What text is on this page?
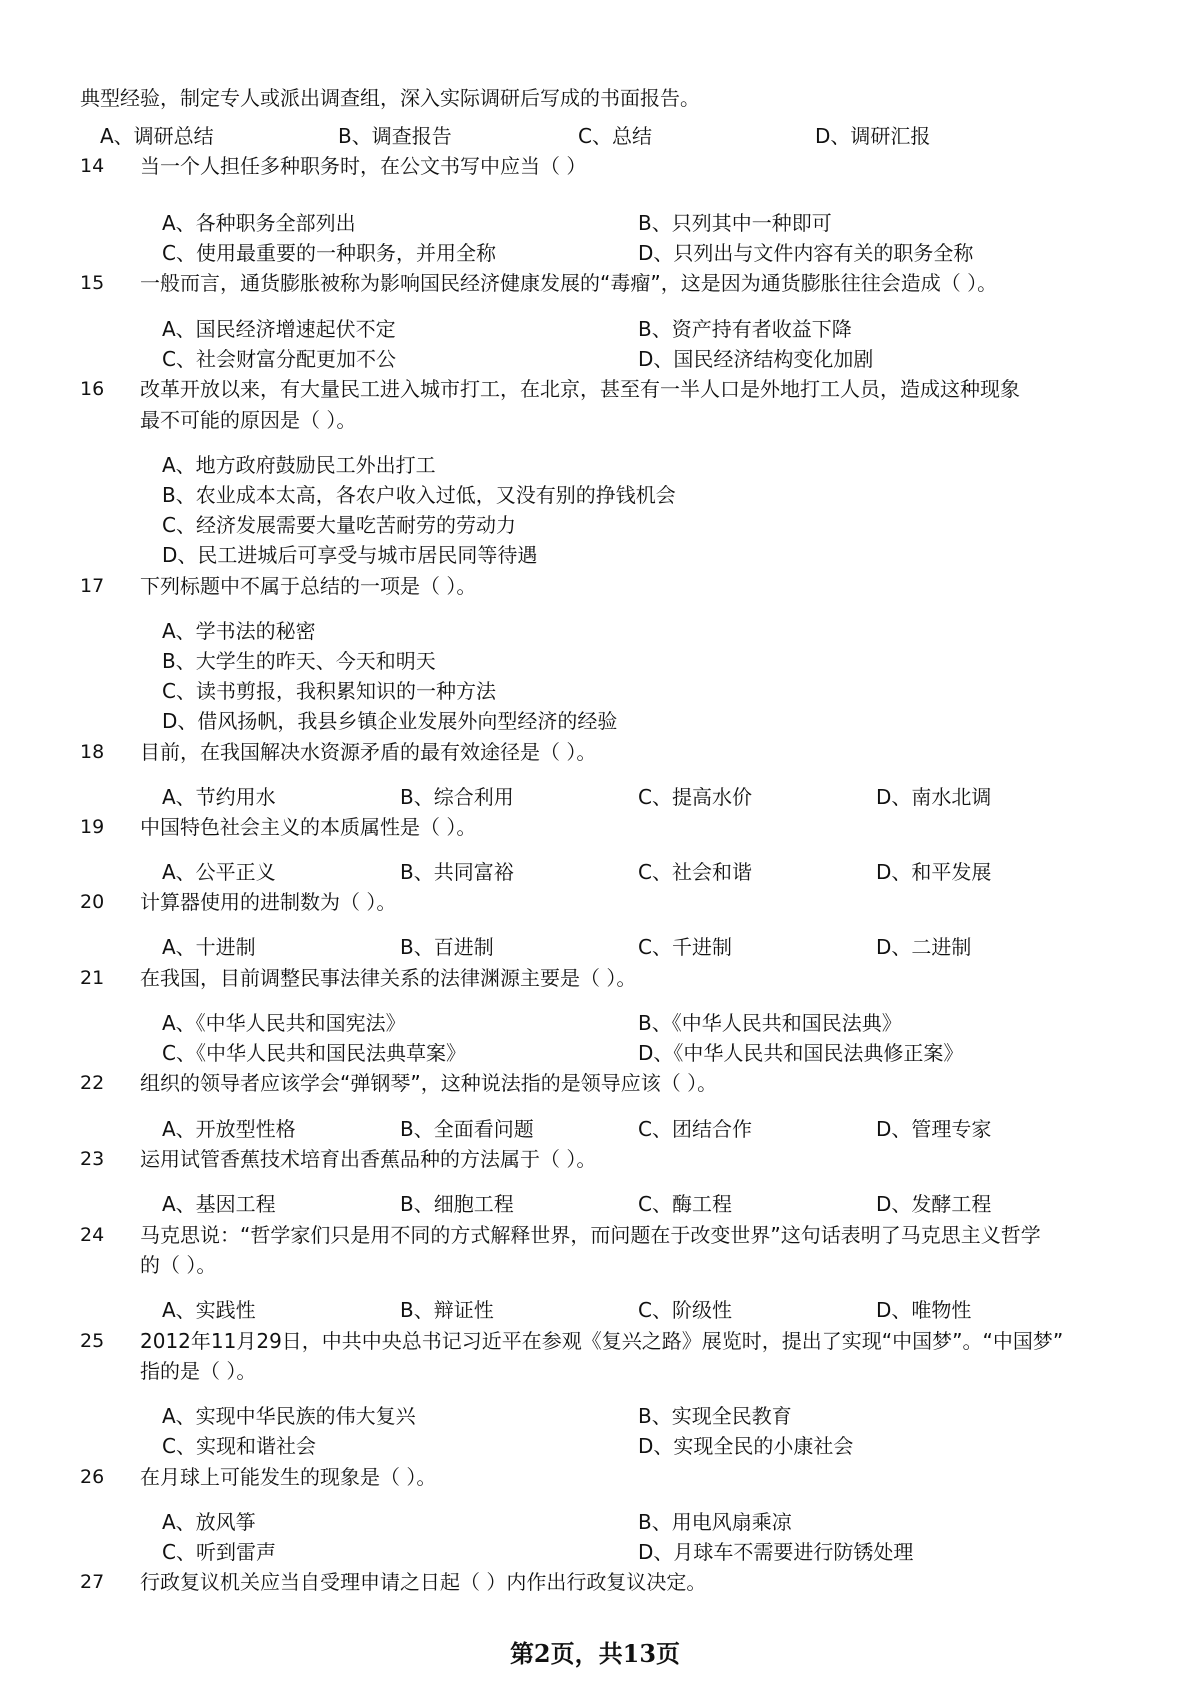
典型经验，制定专人或派出调查组，深入实际调研后写成的书面报告。
A、调研总结	B、调查报告	C、总结	D、调研汇报
14 当一个人担任多种职务时，在公文书写中应当（ ）
A、各种职务全部列出	B、只列其中一种即可
C、使用最重要的一种职务，并用全称	D、只列出与文件内容有关的职务全称
15 一般而言，通货膨胀被称为影响国民经济健康发展的“毒瘤”，这是因为通货膨胀往往会造成（ ）。
A、国民经济增速起伏不定	B、资产持有者收益下降
C、社会财富分配更加不公	D、国民经济结构变化加剧
16 改革开放以来，有大量民工进入城市打工，在北京，甚至有一半人口是外地打工人员，造成这种现象
最不可能的原因是（ ）。
A、地方政府鼓励民工外出打工
B、农业成本太高，各农户收入过低，又没有别的挣钱机会
C、经济发展需要大量吃苦耐劳的劳动力
D、民工进城后可享受与城市居民同等待遇
17 下列标题中不属于总结的一项是（ ）。
A、学书法的秘密
B、大学生的昨天、今天和明天
C、读书剪报，我积累知识的一种方法
D、借风扬帆，我县乡镇企业发展外向型经济的经验
18 目前，在我国解决水资源矛盾的最有效途径是（ ）。
A、节约用水	B、综合利用	C、提高水价	D、南水北调
19 中国特色社会主义的本质属性是（ ）。
A、公平正义	B、共同富裕	C、社会和谐	D、和平发展
20 计算器使用的进制数为（ ）。
A、十进制	B、百进制	C、千进制	D、二进制
21 在我国，目前调整民事法律关系的法律渊源主要是（ ）。
A、《中华人民共和国宪法》	B、《中华人民共和国民法典》
C、《中华人民共和国民法典草案》	D、《中华人民共和国民法典修正案》
22 组织的领导者应该学会“弹钢琴”，这种说法指的是领导应该（ ）。
A、开放型性格	B、全面看问题	C、团结合作	D、管理专家
23 运用试管香蕉技术培育出香蕉品种的方法属于（ ）。
A、基因工程	B、细胞工程	C、酶工程	D、发酵工程
24 马克思说：“哲学家们只是用不同的方式解释世界，而问题在于改变世界”这句话表明了马克思主义哲学
的（ ）。
A、实践性	B、辩证性	C、阶级性	D、唯物性
25 2012年11月29日，中共中央总书记习近平在参观《复兴之路》展览时，提出了实现“中国梦”。“中国梦”
指的是（ ）。
A、实现中华民族的伟大复兴	B、实现全民教育
C、实现和谐社会	D、实现全民的小康社会
26 在月球上可能发生的现象是（ ）。
A、放风筝	B、用电风扇乘凉
C、听到雷声	D、月球车不需要进行防锈处理
27 行政复议机关应当自受理申请之日起（ ）内作出行政复议决定。
第2页，共13页
